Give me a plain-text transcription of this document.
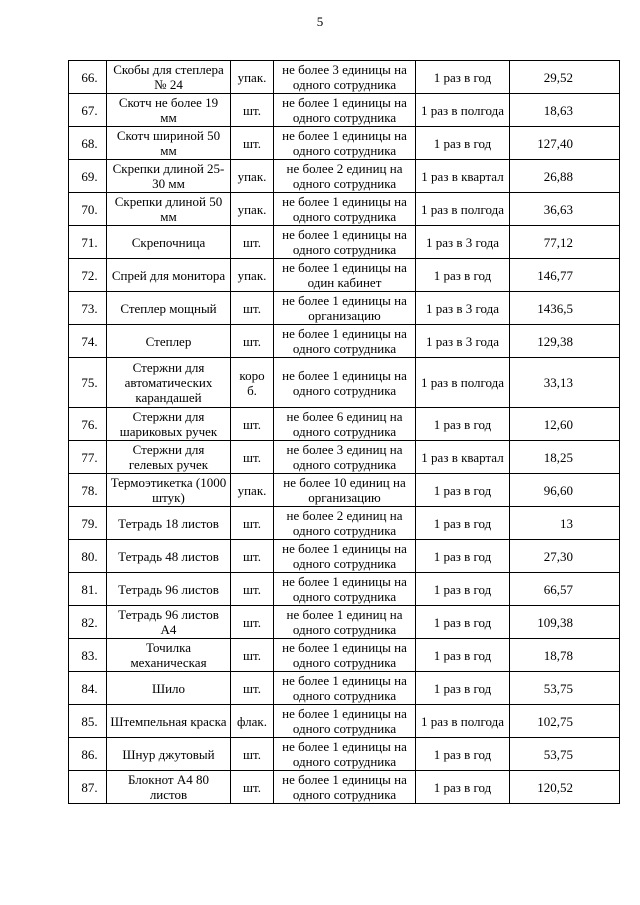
5
66.	Скобы для степлера № 24	упак.	не более 3 единицы на одного сотрудника	1 раз в год	29,52
67.	Скотч не более 19 мм	шт.	не более 1 единицы на одного сотрудника	1 раз в полгода	18,63
68.	Скотч шириной 50 мм	шт.	не более 1 единицы на одного сотрудника	1 раз в год	127,40
69.	Скрепки длиной 25-30 мм	упак.	не более 2 единиц на одного сотрудника	1 раз в квартал	26,88
70.	Скрепки длиной 50 мм	упак.	не более 1 единицы на одного сотрудника	1 раз в полгода	36,63
71.	Скрепочница	шт.	не более 1 единицы на одного сотрудника	1 раз в 3 года	77,12
72.	Спрей для монитора	упак.	не более 1 единицы на один кабинет	1 раз в год	146,77
73.	Степлер мощный	шт.	не более 1 единицы на организацию	1 раз в 3 года	1436,5
74.	Степлер	шт.	не более 1 единицы на одного сотрудника	1 раз в 3 года	129,38
75.	Стержни для автоматических карандашей	коро б.	не более 1 единицы на одного сотрудника	1 раз в полгода	33,13
76.	Стержни для шариковых ручек	шт.	не более 6 единиц на одного сотрудника	1 раз в год	12,60
77.	Стержни для гелевых ручек	шт.	не более 3 единиц на одного сотрудника	1 раз в квартал	18,25
78.	Термоэтикетка (1000 штук)	упак.	не более 10 единиц на организацию	1 раз в год	96,60
79.	Тетрадь 18 листов	шт.	не более 2 единиц на одного сотрудника	1 раз в год	13
80.	Тетрадь 48 листов	шт.	не более 1 единицы на одного сотрудника	1 раз в год	27,30
81.	Тетрадь 96 листов	шт.	не более 1 единицы на одного сотрудника	1 раз в год	66,57
82.	Тетрадь 96 листов А4	шт.	не более 1 единиц на одного сотрудника	1 раз в год	109,38
83.	Точилка механическая	шт.	не более 1 единицы на одного сотрудника	1 раз в год	18,78
84.	Шило	шт.	не более 1 единицы на одного сотрудника	1 раз в год	53,75
85.	Штемпельная краска	флак.	не более 1 единицы на одного сотрудника	1 раз в полгода	102,75
86.	Шнур джутовый	шт.	не более 1 единицы на одного сотрудника	1 раз в год	53,75
87.	Блокнот А4 80 листов	шт.	не более 1 единицы на одного сотрудника	1 раз в год	120,52
